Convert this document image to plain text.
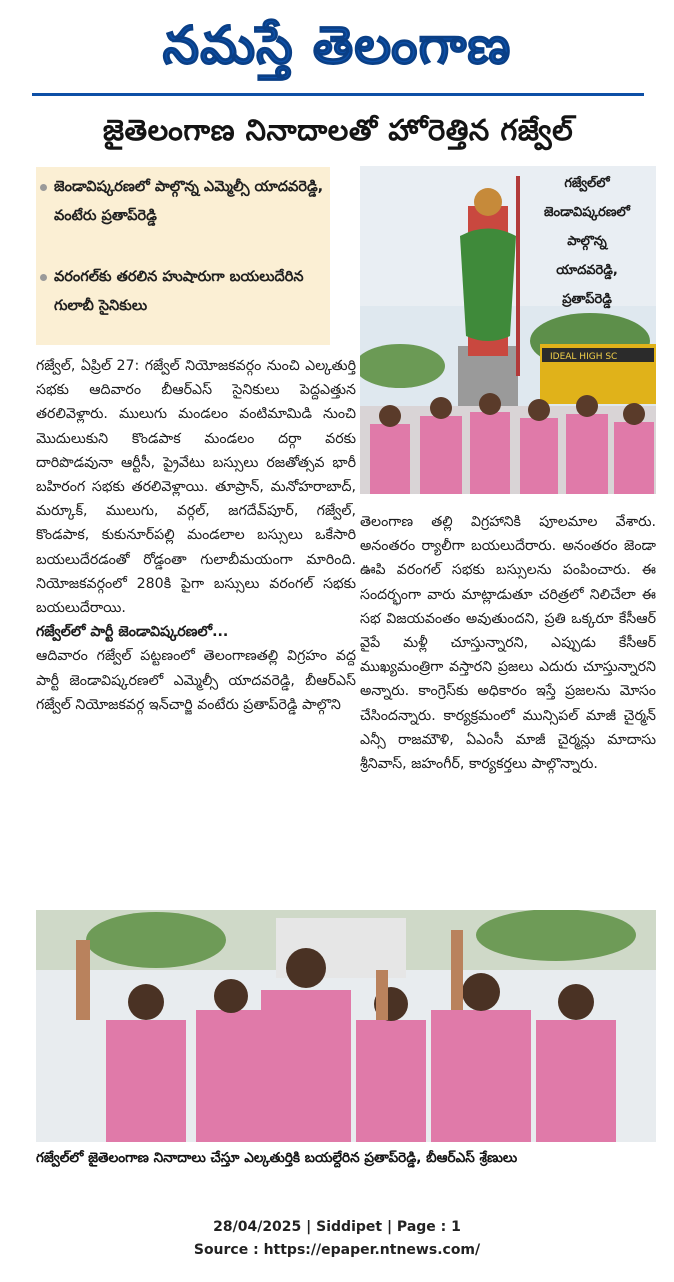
నమస్తే తెలంగాణ
జైతెలంగాణ నినాదాలతో హోరెత్తిన గజ్వేల్
జెండావిష్కరణలో పాల్గొన్న ఎమ్మెల్సీ యాదవరెడ్డి, వంటేరు ప్రతాప్‌రెడ్డి
వరంగల్‌కు తరలిన హుషారుగా బయలుదేరిన గులాబీ సైనికులు
IDEAL HIGH SC
గజ్వేల్‌లో
జెండావిష్కరణలో
పాల్గొన్న
యాదవరెడ్డి,
ప్రతాప్‌రెడ్డి

గజ్వేల్, ఏప్రిల్ 27: గజ్వేల్ నియోజకవర్గం నుంచి ఎల్కతుర్తి సభకు ఆదివారం బీఆర్ఎస్ సైనికులు పెద్దఎత్తున తరలివెళ్లారు. ములుగు మండలం వంటిమామిడి నుంచి మొదులుకుని కొండపాక మండలం దర్గా వరకు దారిపొడవునా ఆర్టీసీ, ప్రైవేటు బస్సులు రజతోత్సవ భారీ బహిరంగ సభకు తరలివెళ్లాయి. తూప్రాన్, మనోహరాబాద్, మర్కూక్, ములుగు, వర్గల్, జగదేవ్‌పూర్, గజ్వేల్, కొండపాక, కుకునూర్‌పల్లి మండలాల బస్సులు ఒకేసారి బయలుదేరడంతో రోడ్డంతా గులాబీమయంగా మారింది. నియోజకవర్గంలో 280కి పైగా బస్సులు వరంగల్ సభకు బయలుదేరాయి.

గజ్వేల్‌లో పార్టీ జెండావిష్కరణలో...

ఆదివారం గజ్వేల్ పట్టణంలో తెలంగాణతల్లి విగ్రహం వద్ద పార్టీ జెండావిష్కరణలో ఎమ్మెల్సీ యాదవరెడ్డి, బీఆర్ఎస్ గజ్వేల్ నియోజకవర్గ ఇన్‌చార్జి వంటేరు ప్రతాప్‌రెడ్డి పాల్గొని

తెలంగాణ తల్లి విగ్రహానికి పూలమాల వేశారు. అనంతరం ర్యాలీగా బయలుదేరారు. అనంతరం జెండా ఊపి వరంగల్ సభకు బస్సులను పంపించారు. ఈ సందర్భంగా వారు మాట్లాడుతూ చరిత్రలో నిలిచేలా ఈ సభ విజయవంతం అవుతుందని, ప్రతి ఒక్కరూ కేసీఆర్ వైపే మళ్లీ చూస్తున్నారని, ఎప్పుడు కేసీఆర్ ముఖ్యమంత్రిగా వస్తారని ప్రజలు ఎదురు చూస్తున్నారని అన్నారు. కాంగ్రెస్‌కు అధికారం ఇస్తే ప్రజలను మోసం చేసిందన్నారు. కార్యక్రమంలో మున్సిపల్ మాజీ చైర్మన్ ఎన్సీ రాజమౌళి, ఏఎంసీ మాజీ చైర్మన్లు మాదాసు శ్రీనివాస్, జహంగీర్, కార్యకర్తలు పాల్గొన్నారు.

గజ్వేల్‌లో జైతెలంగాణ నినాదాలు చేస్తూ ఎల్కతుర్తికి బయల్దేరిన ప్రతాప్‌రెడ్డి, బీఆర్ఎస్ శ్రేణులు
28/04/2025 | Siddipet | Page : 1
Source : https://epaper.ntnews.com/
